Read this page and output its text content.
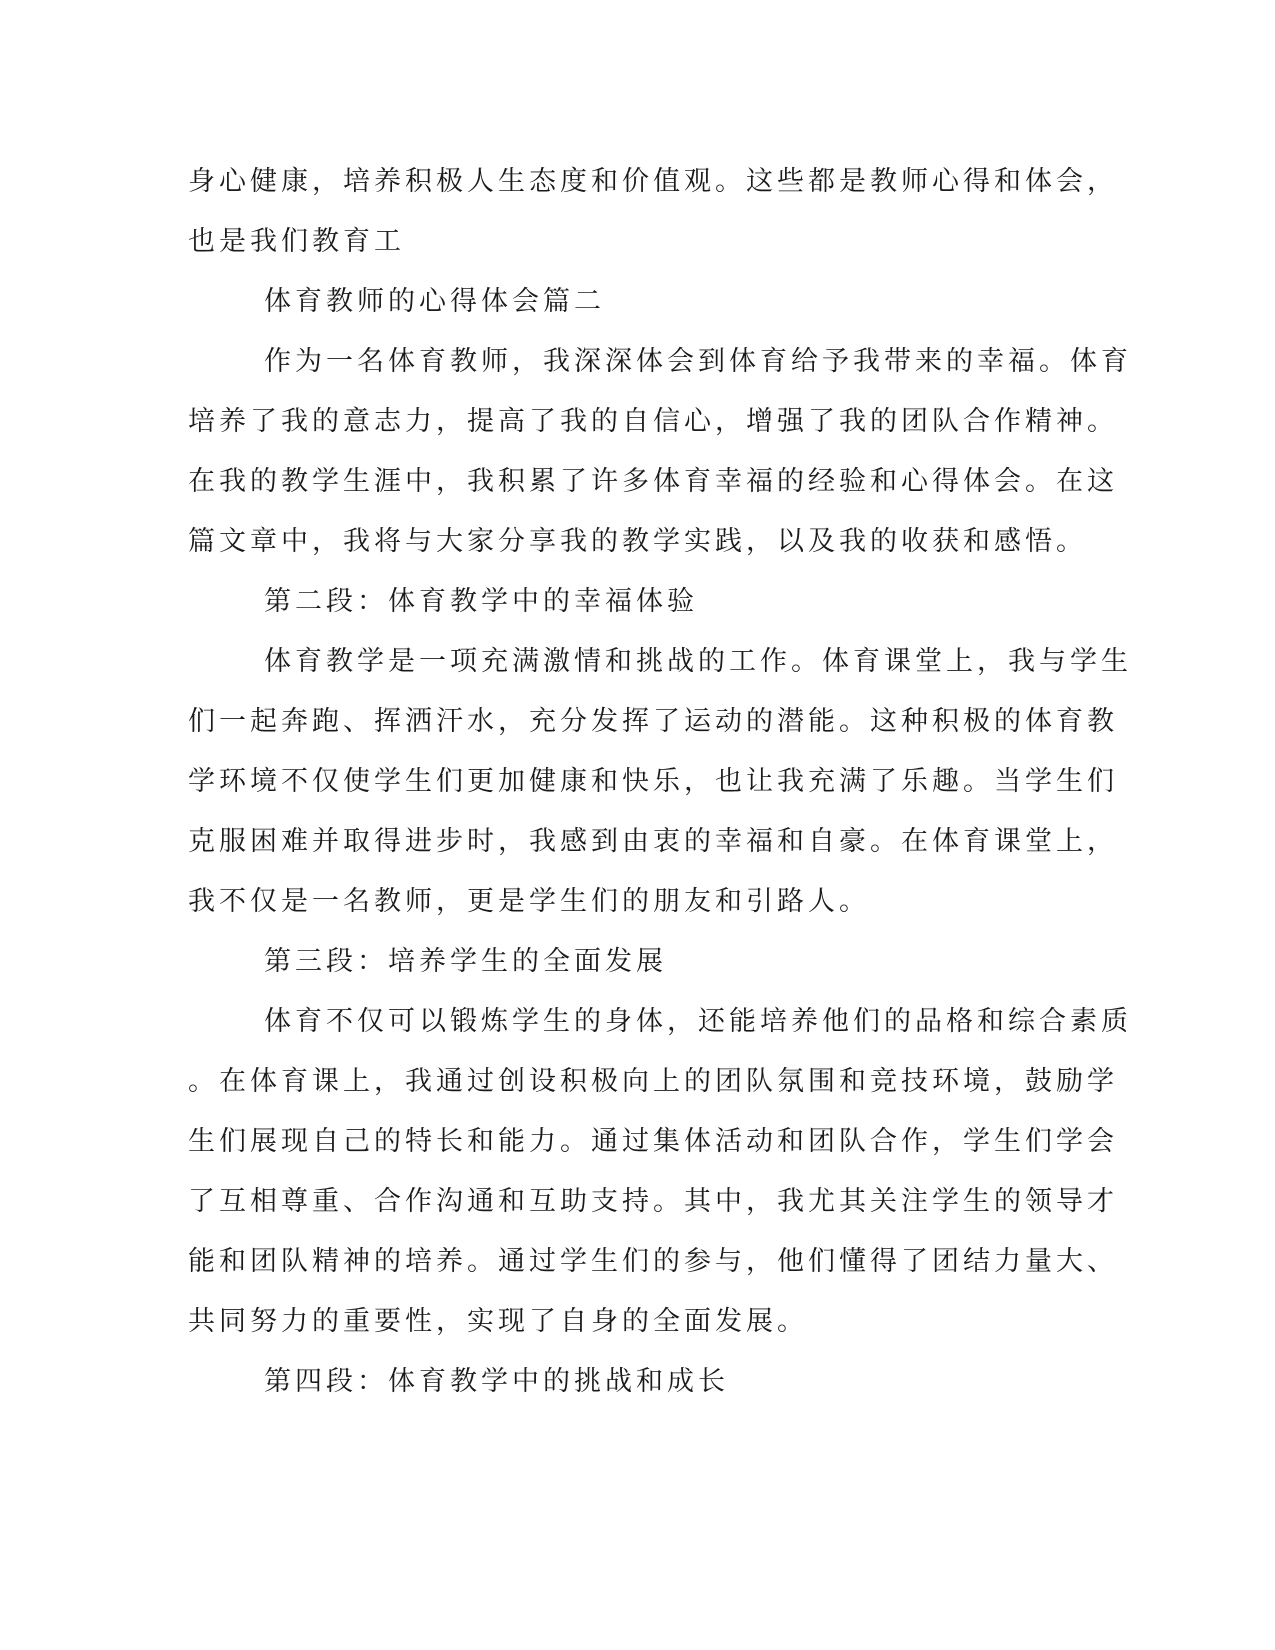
身心健康，培养积极人生态度和价值观。这些都是教师心得和体会，

也是我们教育工

体育教师的心得体会篇二

作为一名体育教师，我深深体会到体育给予我带来的幸福。体育

培养了我的意志力，提高了我的自信心，增强了我的团队合作精神。

在我的教学生涯中，我积累了许多体育幸福的经验和心得体会。在这

篇文章中，我将与大家分享我的教学实践，以及我的收获和感悟。

第二段：体育教学中的幸福体验

体育教学是一项充满激情和挑战的工作。体育课堂上，我与学生

们一起奔跑、挥洒汗水，充分发挥了运动的潜能。这种积极的体育教

学环境不仅使学生们更加健康和快乐，也让我充满了乐趣。当学生们

克服困难并取得进步时，我感到由衷的幸福和自豪。在体育课堂上，

我不仅是一名教师，更是学生们的朋友和引路人。

第三段：培养学生的全面发展

体育不仅可以锻炼学生的身体，还能培养他们的品格和综合素质

。在体育课上，我通过创设积极向上的团队氛围和竞技环境，鼓励学

生们展现自己的特长和能力。通过集体活动和团队合作，学生们学会

了互相尊重、合作沟通和互助支持。其中，我尤其关注学生的领导才

能和团队精神的培养。通过学生们的参与，他们懂得了团结力量大、

共同努力的重要性，实现了自身的全面发展。

第四段：体育教学中的挑战和成长
